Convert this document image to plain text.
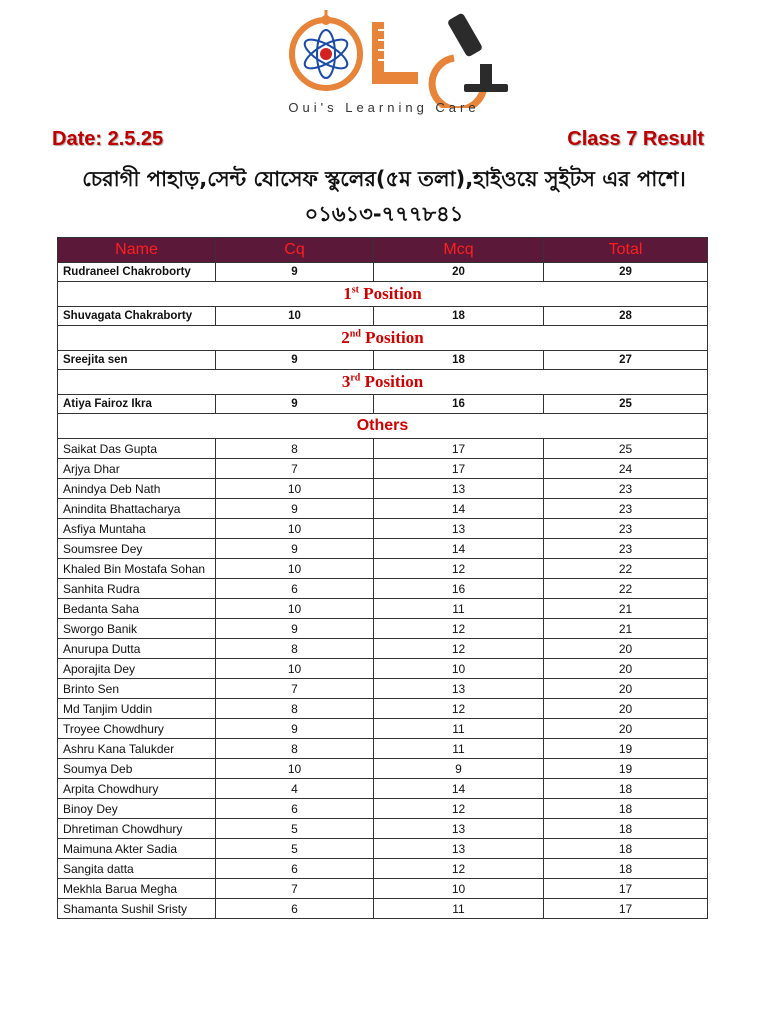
Oui's Learning Care
Date: 2.5.25	Class 7 Result
চেরাগী পাহাড়,সেন্ট যোসেফ স্কুলের(৫ম তলা),হাইওয়ে সুইটস এর পাশে।
০১৬১৩-৭৭৭৮৪১
Name	Cq	Mcq	Total
Rudraneel Chakroborty	9	20	29
1st Position			
Shuvagata Chakraborty	10	18	28
2nd Position			
Sreejita sen	9	18	27
3rd Position			
Atiya Fairoz Ikra	9	16	25
Others			
Saikat Das Gupta	8	17	25
Arjya Dhar	7	17	24
Anindya Deb Nath	10	13	23
Anindita Bhattacharya	9	14	23
Asfiya Muntaha	10	13	23
Soumsree Dey	9	14	23
Khaled Bin Mostafa Sohan	10	12	22
Sanhita Rudra	6	16	22
Bedanta Saha	10	11	21
Sworgo Banik	9	12	21
Anurupa Dutta	8	12	20
Aporajita Dey	10	10	20
Brinto Sen	7	13	20
Md Tanjim Uddin	8	12	20
Troyee Chowdhury	9	11	20
Ashru Kana Talukder	8	11	19
Soumya Deb	10	9	19
Arpita Chowdhury	4	14	18
Binoy Dey	6	12	18
Dhretiman Chowdhury	5	13	18
Maimuna Akter Sadia	5	13	18
Sangita datta	6	12	18
Mekhla Barua Megha	7	10	17
Shamanta Sushil Sristy	6	11	17
